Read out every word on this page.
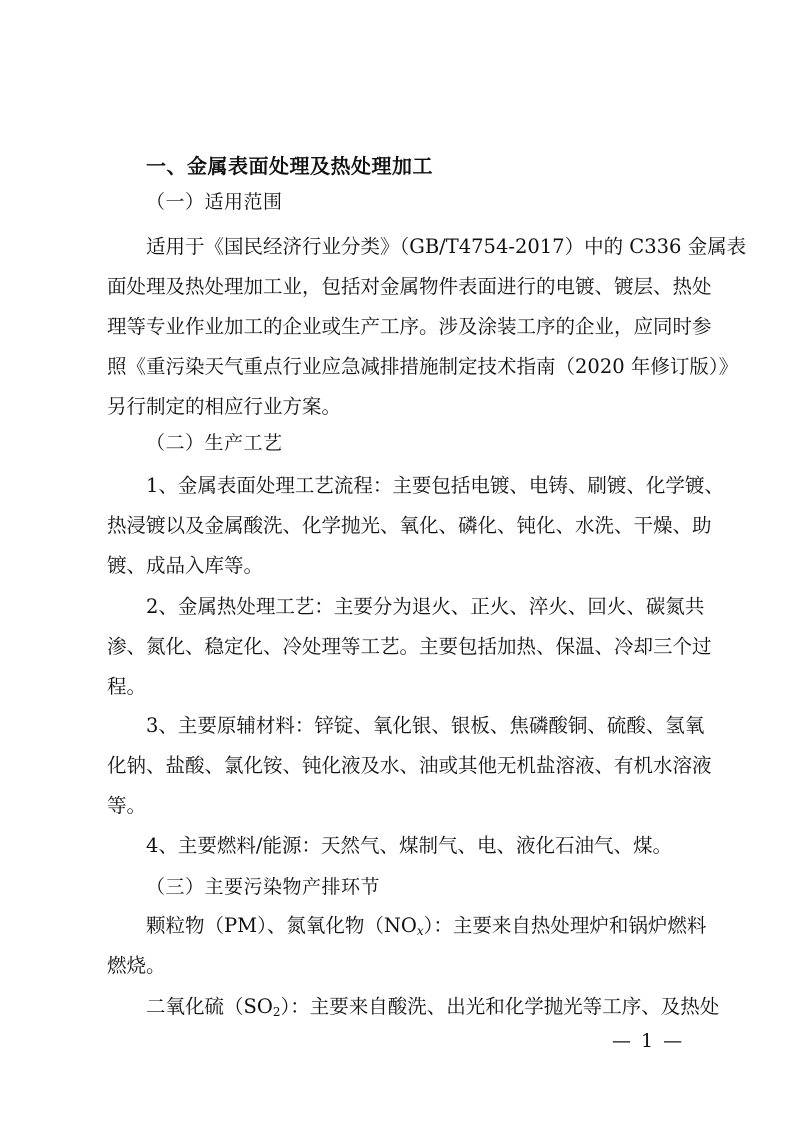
一、金属表面处理及热处理加工
（一）适用范围
适用于《国民经济行业分类》（GB/T4754-2017）中的 C336 金属表
面处理及热处理加工业，包括对金属物件表面进行的电镀、镀层、热处
理等专业作业加工的企业或生产工序。涉及涂装工序的企业，应同时参
照《重污染天气重点行业应急减排措施制定技术指南（2020 年修订版）》
另行制定的相应行业方案。
（二）生产工艺
1、金属表面处理工艺流程：主要包括电镀、电铸、刷镀、化学镀、
热浸镀以及金属酸洗、化学抛光、氧化、磷化、钝化、水洗、干燥、助
镀、成品入库等。
2、金属热处理工艺：主要分为退火、正火、淬火、回火、碳氮共
渗、氮化、稳定化、冷处理等工艺。主要包括加热、保温、冷却三个过
程。
3、主要原辅材料：锌锭、氧化银、银板、焦磷酸铜、硫酸、氢氧
化钠、盐酸、氯化铵、钝化液及水、油或其他无机盐溶液、有机水溶液
等。
4、主要燃料/能源：天然气、煤制气、电、液化石油气、煤。
（三）主要污染物产排环节
颗粒物（PM）、氮氧化物$(NO_x)$：主要来自热处理炉和锅炉燃料
燃烧。
二氧化硫$(SO_2)$：主要来自酸洗、出光和化学抛光等工序、及热处
— 1 —
